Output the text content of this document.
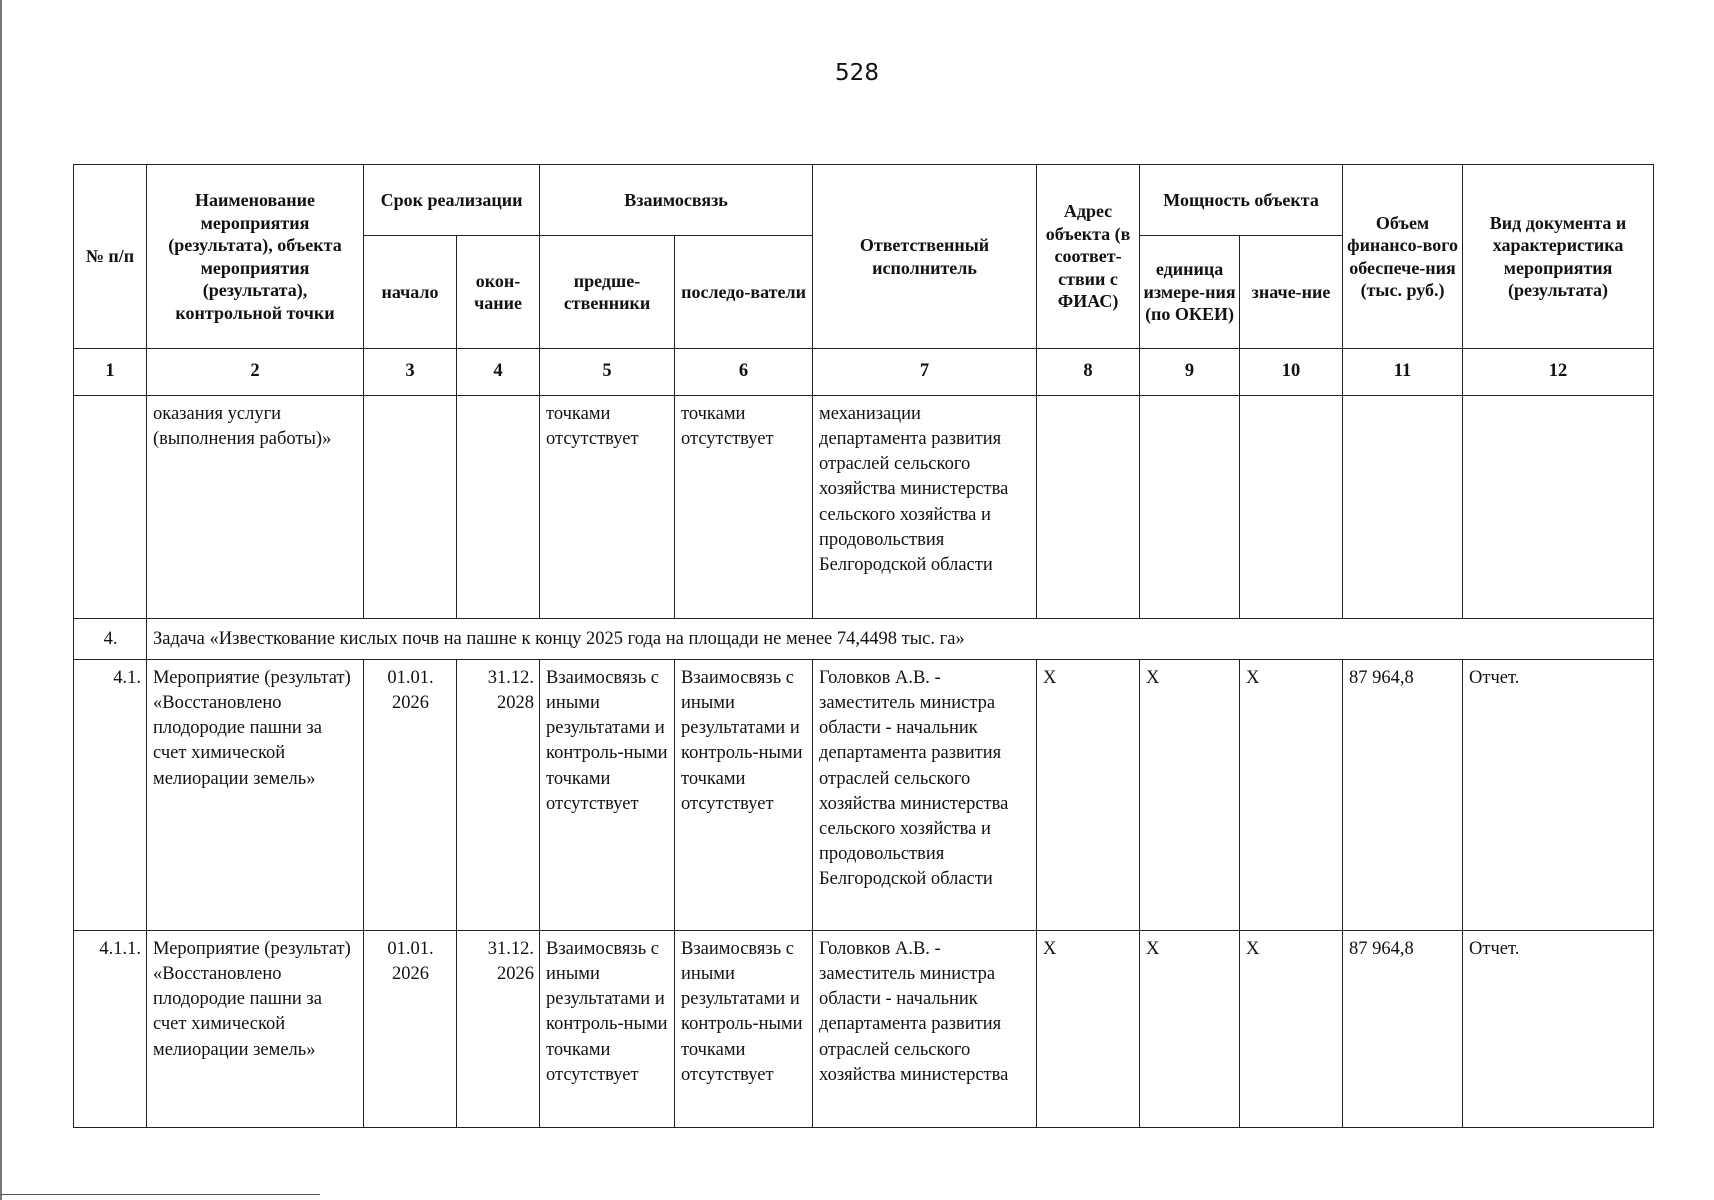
528
№ п/п	Наименование мероприятия (результата), объекта мероприятия (результата), контрольной точки	Срок реализации		Взаимосвязь		Ответственный исполнитель	Адрес объекта (в соответ-ствии с ФИАС)	Мощность объекта		Объем финансо-вого обеспече-ния (тыс. руб.)	Вид документа и характеристика мероприятия (результата)
		начало	окон-чание	предше-ственники	последо-ватели			единица измере-ния (по ОКЕИ)	значе-ние		
1	2	3	4	5	6	7	8	9	10	11	12
	оказания услуги (выполнения работы)»			точками отсутствует	точками отсутствует	механизации департамента развития отраслей сельского хозяйства министерства сельского хозяйства и продовольствия Белгородской области					
4.	Задача «Известкование кислых почв на пашне к концу 2025 года на площади не менее 74,4498 тыс. га»										
4.1.	Мероприятие (результат) «Восстановлено плодородие пашни за счет химической мелиорации земель»	01.01. 2026	31.12. 2028	Взаимосвязь с иными результатами и контроль-ными точками отсутствует	Взаимосвязь с иными результатами и контроль-ными точками отсутствует	Головков А.В. - заместитель министра области - начальник департамента развития отраслей сельского хозяйства министерства сельского хозяйства и продовольствия Белгородской области	X	X	X	87 964,8	Отчет.
4.1.1.	Мероприятие (результат) «Восстановлено плодородие пашни за счет химической мелиорации земель»	01.01. 2026	31.12. 2026	Взаимосвязь с иными результатами и контроль-ными точками отсутствует	Взаимосвязь с иными результатами и контроль-ными точками отсутствует	Головков А.В. - заместитель министра области - начальник департамента развития отраслей сельского хозяйства министерства	X	X	X	87 964,8	Отчет.
